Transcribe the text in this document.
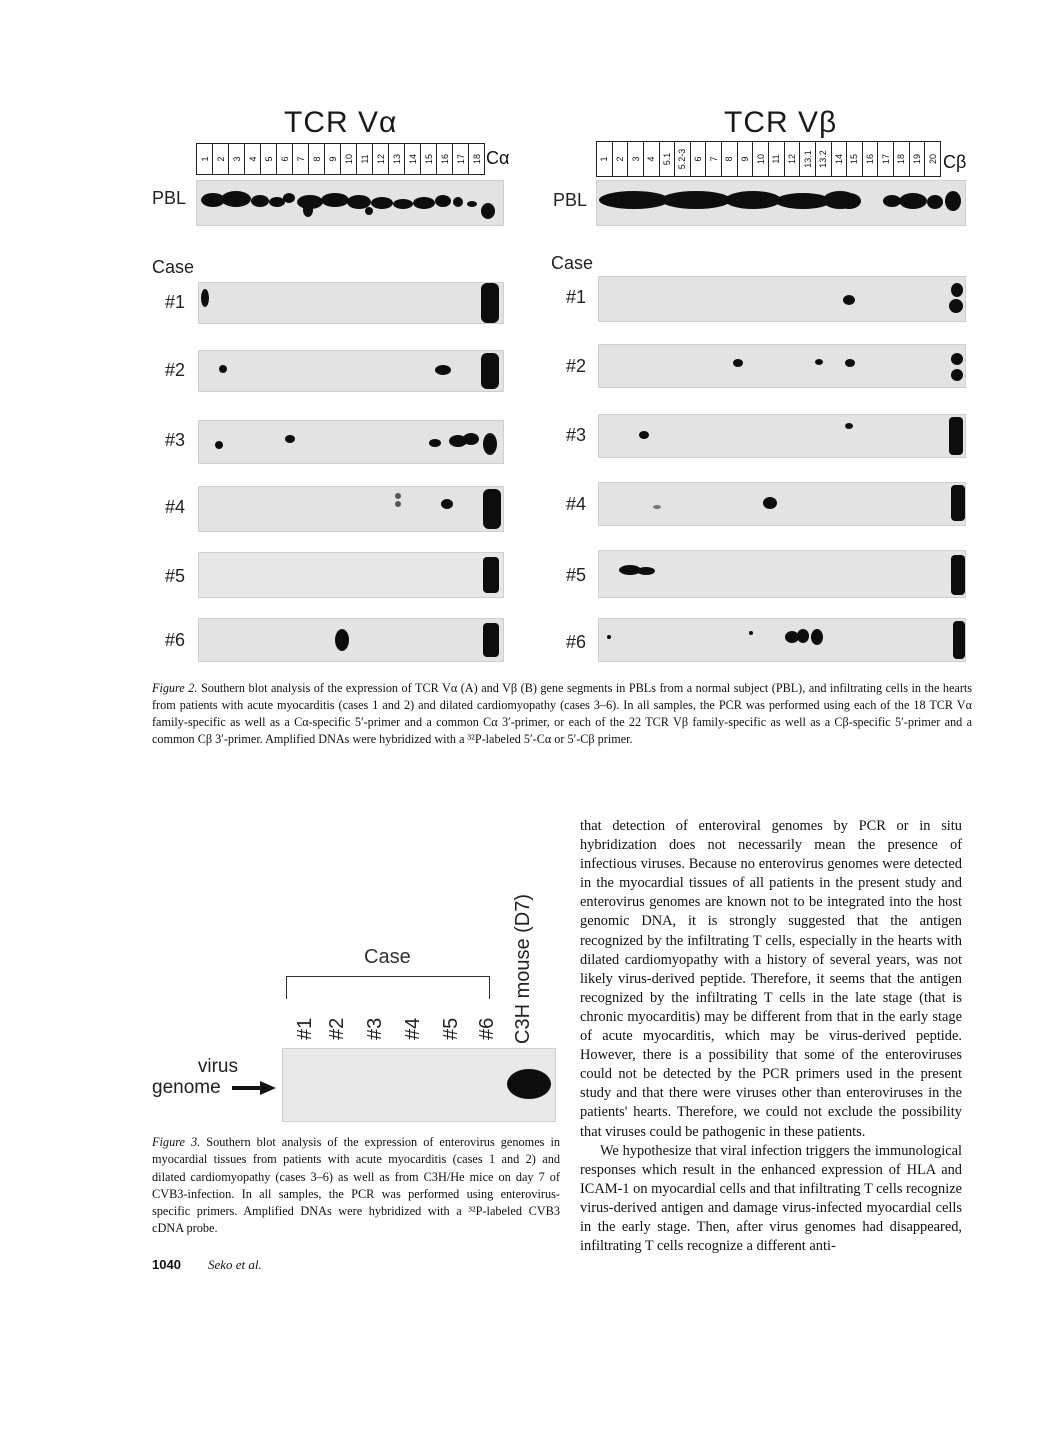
TCR Vα	TCR Vβ
1 2 3 4 5 6 7 8 9 10 11 12 13 14 15 16 17 18 Cα	1 2 3 4 5.1 5.2-3 6 7 8 9 10 11 12 13.1 13.2 14 15 16 17 18 19 20 Cβ
PBL	PBL
Case	Case
#1
#2
#3
#4
#5
#6
#1
#2
#3
#4
#5
#6
Figure 2. Southern blot analysis of the expression of TCR Vα (A) and Vβ (B) gene segments in PBLs from a normal subject (PBL), and infiltrating cells in the hearts from patients with acute myocarditis (cases 1 and 2) and dilated cardiomyopathy (cases 3–6). In all samples, the PCR was performed using each of the 18 TCR Vα family-specific as well as a Cα-specific 5′-primer and a common Cα 3′-primer, or each of the 22 TCR Vβ family-specific as well as a Cβ-specific 5′-primer and a common Cβ 3′-primer. Amplified DNAs were hybridized with a ³²P-labeled 5′-Cα or 5′-Cβ primer.
Case
#1 #2 #3 #4 #5 #6 C3H mouse (D7)
virus
genome
Figure 3. Southern blot analysis of the expression of enterovirus genomes in myocardial tissues from patients with acute myocarditis (cases 1 and 2) and dilated cardiomyopathy (cases 3–6) as well as from C3H/He mice on day 7 of CVB3-infection. In all samples, the PCR was performed using enterovirus-specific primers. Amplified DNAs were hybridized with a ³²P-labeled CVB3 cDNA probe.

that detection of enteroviral genomes by PCR or in situ hybridization does not necessarily mean the presence of infectious viruses. Because no enterovirus genomes were detected in the myocardial tissues of all patients in the present study and enterovirus genomes are known not to be integrated into the host genomic DNA, it is strongly suggested that the antigen recognized by the infiltrating T cells, especially in the hearts with dilated cardiomyopathy with a history of several years, was not likely virus-derived peptide. Therefore, it seems that the antigen recognized by the infiltrating T cells in the late stage (that is chronic myocarditis) may be different from that in the early stage of acute myocarditis, which may be virus-derived peptide. However, there is a possibility that some of the enteroviruses could not be detected by the PCR primers used in the present study and that there were viruses other than enteroviruses in the patients' hearts. Therefore, we could not exclude the possibility that viruses could be pathogenic in these patients.

We hypothesize that viral infection triggers the immunological responses which result in the enhanced expression of HLA and ICAM-1 on myocardial cells and that infiltrating T cells recognize virus-derived antigen and damage virus-infected myocardial cells in the early stage. Then, after virus genomes had disappeared, infiltrating T cells recognize a different anti-

1040 Seko et al.
